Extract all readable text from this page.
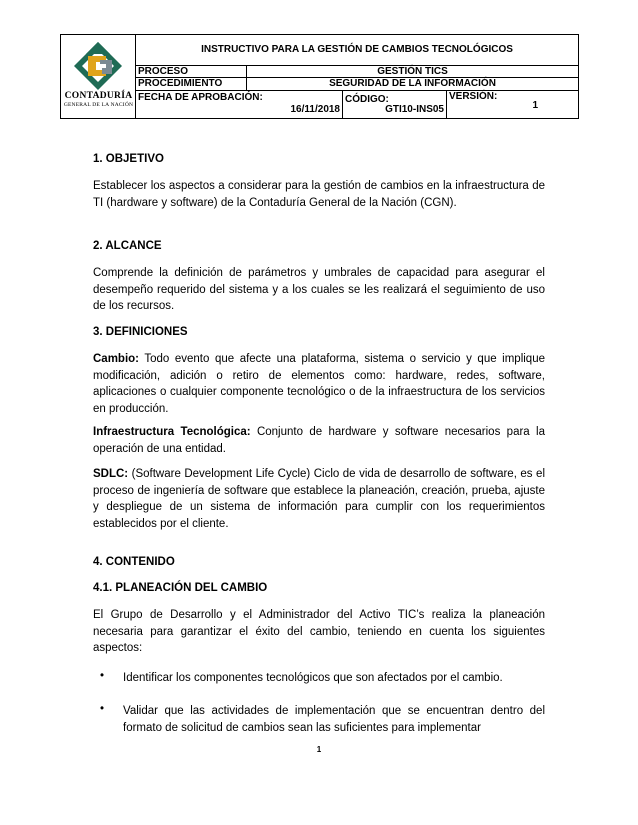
CONTADURÍA
GENERAL DE LA NACIÓN
INSTRUCTIVO PARA LA GESTIÓN DE CAMBIOS TECNOLÓGICOS
PROCESO	GESTIÓN TICS
PROCEDIMIENTO	SEGURIDAD DE LA INFORMACIÓN
FECHA DE APROBACIÓN:
16/11/2018
CÓDIGO:
GTI10-INS05
VERSIÓN:
1

1. OBJETIVO

Establecer los aspectos a considerar para la gestión de cambios en la infraestructura de TI (hardware y software) de la Contaduría General de la Nación (CGN).

2. ALCANCE

Comprende la definición de parámetros y umbrales de capacidad para asegurar el desempeño requerido del sistema y a los cuales se les realizará el seguimiento de uso de los recursos.

3. DEFINICIONES

Cambio: Todo evento que afecte una plataforma, sistema o servicio y que implique modificación, adición o retiro de elementos como: hardware, redes, software, aplicaciones o cualquier componente tecnológico o de la infraestructura de los servicios en producción.

Infraestructura Tecnológica: Conjunto de hardware y software necesarios para la operación de una entidad.

SDLC: (Software Development Life Cycle) Ciclo de vida de desarrollo de software, es el proceso de ingeniería de software que establece la planeación, creación, prueba, ajuste y despliegue de un sistema de información para cumplir con los requerimientos establecidos por el cliente.

4. CONTENIDO

4.1. PLANEACIÓN DEL CAMBIO

El Grupo de Desarrollo y el Administrador del Activo TIC’s realiza la planeación necesaria para garantizar el éxito del cambio, teniendo en cuenta los siguientes aspectos:

• Identificar los componentes tecnológicos que son afectados por el cambio.

• Validar que las actividades de implementación que se encuentran dentro del formato de solicitud de cambios sean las suficientes para implementar

1
